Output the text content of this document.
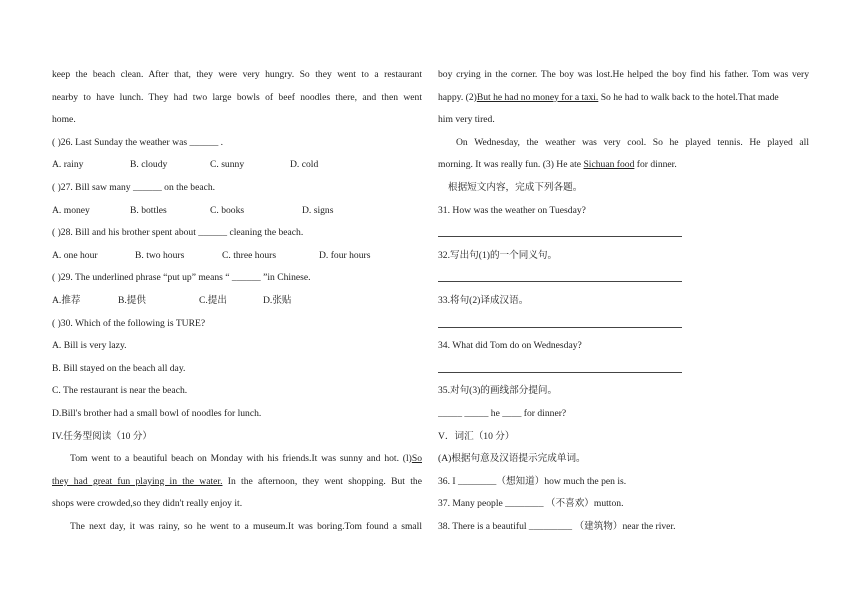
keep the beach clean. After that, they were very hungry. So they went to a restaurant
nearby to have lunch. They had two large bowls of beef noodles there, and then went
home.
( )26. Last Sunday the weather was ______ .
A. rainy	B. cloudy	C. sunny	D. cold
( )27. Bill saw many ______ on the beach.
A. money	B. bottles	C. books	D. signs
( )28. Bill and his brother spent about ______ cleaning the beach.
A. one hour	B. two hours	C. three hours	D. four hours
( )29. The underlined phrase “put up” means “ ______ ”in Chinese.
A.推荐	B.提供	C.提出	D.张贴
( )30. Which of the following is TURE?
A. Bill is very lazy.
B. Bill stayed on the beach all day.
C. The restaurant is near the beach.
D.Bill's brother had a small bowl of noodles for lunch.
IV.任务型阅读（10 分）
Tom went to a beautiful beach on Monday with his friends.It was sunny and hot. (l)So
they had great fun playing in the water. In the afternoon, they went shopping. But the
shops were crowded,so they didn't really enjoy it.
The next day, it was rainy, so he went to a museum.It was boring.Tom found a small
boy crying in the corner. The boy was lost.He helped the boy find his father. Tom was very
happy. (2)But he had no money for a taxi. So he had to walk back to the hotel.That made
him very tired.
On Wednesday, the weather was very cool. So he played tennis. He played all
morning. It was really fun. (3) He ate Sichuan food for dinner.
根据短文内容，完成下列各题。
31. How was the weather on Tuesday?
32.写出句(1)的一个同义句。
33.将句(2)译成汉语。
34. What did Tom do on Wednesday?
35.对句(3)的画线部分提问。
_____ _____ he ____ for dinner?
V．词汇（10 分）
(A)根据句意及汉语提示完成单词。
36. I ________（想知道）how much the pen is.
37. Many people ________ （不喜欢）mutton.
38. There is a beautiful _________ （建筑物）near the river.
